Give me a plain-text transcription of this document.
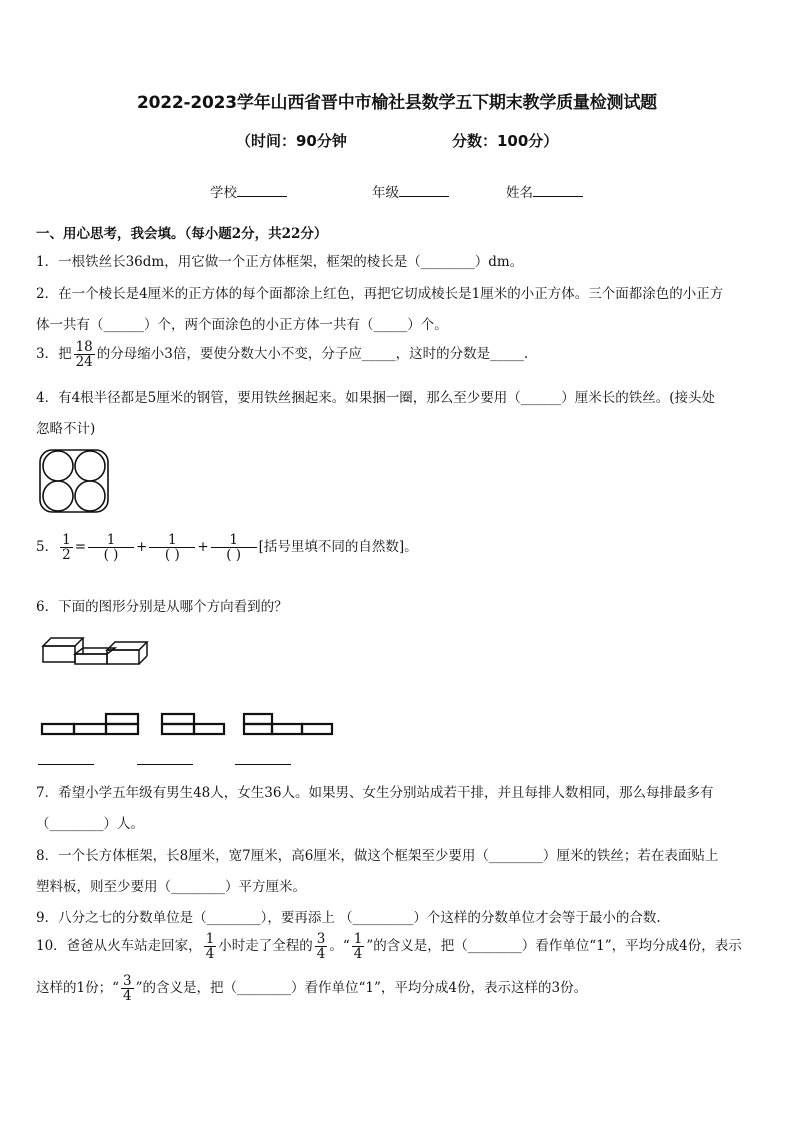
2022-2023学年山西省晋中市榆社县数学五下期末教学质量检测试题
（时间：90分钟	分数：100分）
学校	年级	姓名
一、用心思考，我会填。（每小题2分，共22分）
1．一根铁丝长36dm，用它做一个正方体框架，框架的棱长是（________）dm。
2．在一个棱长是4厘米的正方体的每个面都涂上红色，再把它切成棱长是1厘米的小正方体。三个面都涂色的小正方
体一共有（______）个，两个面涂色的小正方体一共有（_____）个。
3．把 $\frac{18}{24}$ 的分母缩小3倍，要使分数大小不变，分子应_____，这时的分数是_____.
4．有4根半径都是5厘米的钢管，要用铁丝捆起来。如果捆一圈，那么至少要用（______）厘米长的铁丝。(接头处
忽略不计)
5． $\frac{1}{2} = \frac{1}{( )} + \frac{1}{( )} + \frac{1}{( )}$ [括号里填不同的自然数]。
6．下面的图形分别是从哪个方向看到的？
7．希望小学五年级有男生48人，女生36人。如果男、女生分别站成若干排，并且每排人数相同，那么每排最多有
（________）人。
8．一个长方体框架，长8厘米，宽7厘米，高6厘米，做这个框架至少要用（________）厘米的铁丝；若在表面贴上
塑料板，则至少要用（________）平方厘米。
9．八分之七的分数单位是（________），要再添上 （_________）个这样的分数单位才会等于最小的合数.
10．爸爸从火车站走回家， $\frac{1}{4}$ 小时走了全程的 $\frac{3}{4}$ 。“ $\frac{1}{4}$ ”的含义是，把（________）看作单位“1”，平均分成4份，表示
这样的1份；“ $\frac{3}{4}$ ”的含义是，把（________）看作单位“1”，平均分成4份，表示这样的3份。
